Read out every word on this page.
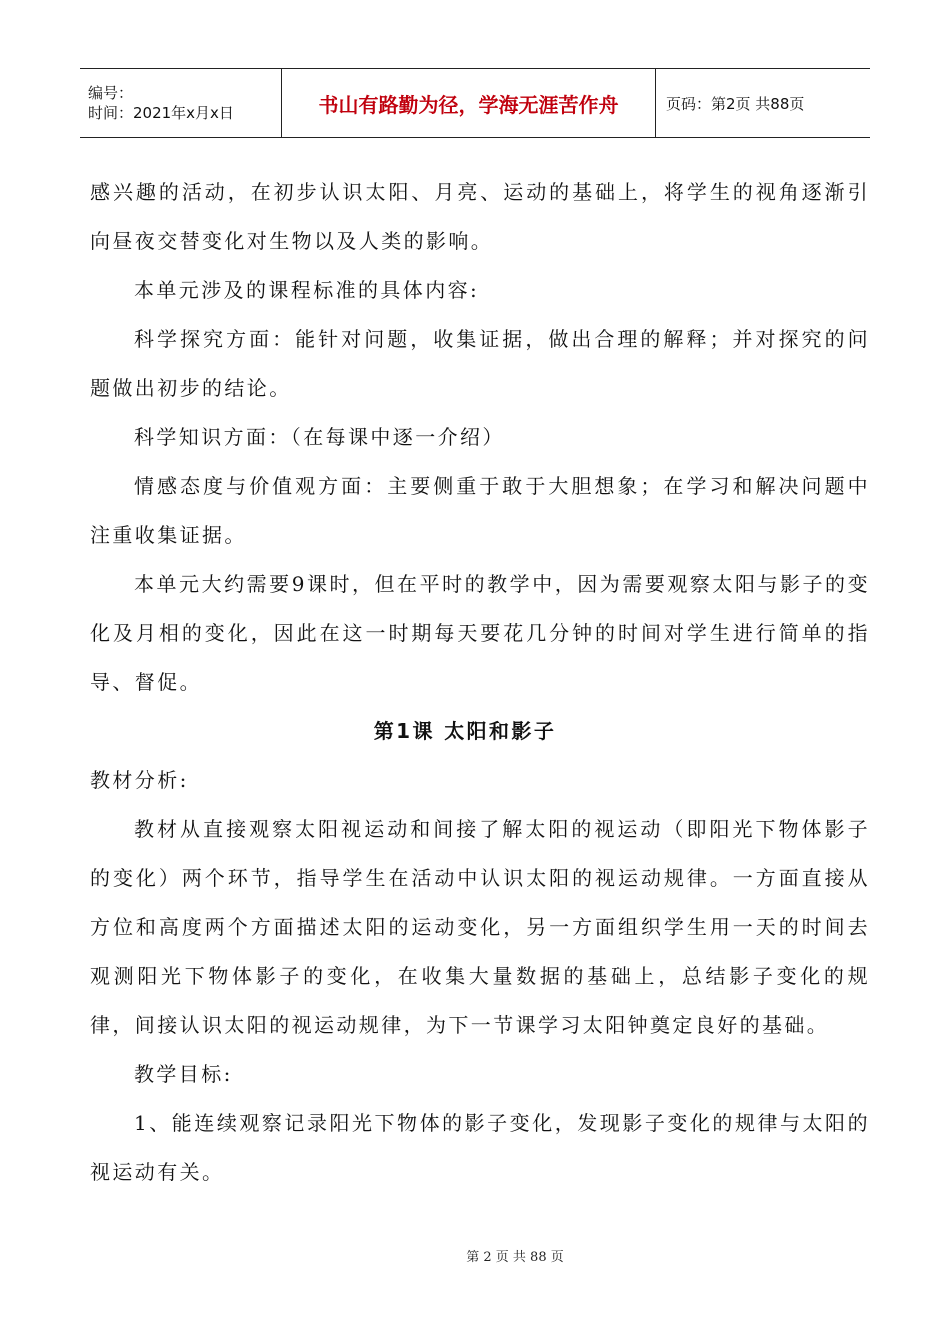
编号：
时间：2021年x月x日	书山有路勤为径，学海无涯苦作舟	页码：第2页 共88页

感兴趣的活动，在初步认识太阳、月亮、运动的基础上，将学生的视角逐渐引向昼夜交替变化对生物以及人类的影响。

本单元涉及的课程标准的具体内容:

科学探究方面：能针对问题，收集证据，做出合理的解释；并对探究的问题做出初步的结论。

科学知识方面：（在每课中逐一介绍）

情感态度与价值观方面：主要侧重于敢于大胆想象；在学习和解决问题中注重收集证据。

本单元大约需要9课时，但在平时的教学中，因为需要观察太阳与影子的变化及月相的变化，因此在这一时期每天要花几分钟的时间对学生进行简单的指导、督促。

第1课 太阳和影子

教材分析:

教材从直接观察太阳视运动和间接了解太阳的视运动（即阳光下物体影子的变化）两个环节，指导学生在活动中认识太阳的视运动规律。一方面直接从方位和高度两个方面描述太阳的运动变化，另一方面组织学生用一天的时间去观测阳光下物体影子的变化，在收集大量数据的基础上，总结影子变化的规律，间接认识太阳的视运动规律，为下一节课学习太阳钟奠定良好的基础。

教学目标:

1、能连续观察记录阳光下物体的影子变化，发现影子变化的规律与太阳的视运动有关。

第 2 页 共 88 页
